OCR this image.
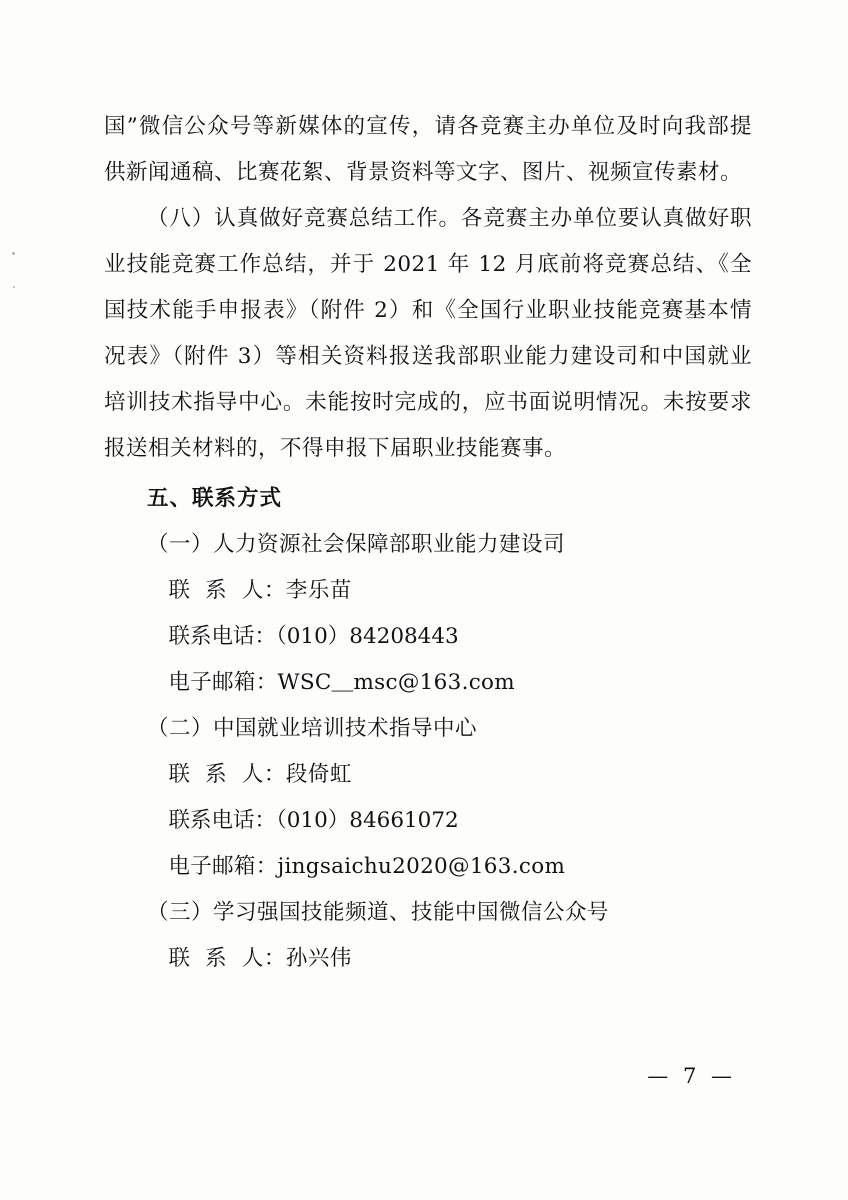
国”微信公众号等新媒体的宣传，请各竞赛主办单位及时向我部提供新闻通稿、比赛花絮、背景资料等文字、图片、视频宣传素材。

（八）认真做好竞赛总结工作。各竞赛主办单位要认真做好职业技能竞赛工作总结，并于 2021 年 12 月底前将竞赛总结、《全国技术能手申报表》（附件 2）和《全国行业职业技能竞赛基本情况表》（附件 3）等相关资料报送我部职业能力建设司和中国就业培训技术指导中心。未能按时完成的，应书面说明情况。未按要求报送相关材料的，不得申报下届职业技能赛事。

五、联系方式

（一）人力资源社会保障部职业能力建设司

联  系  人：李乐苗

联系电话：（010）84208443

电子邮箱：WSC＿msc@163.com

（二）中国就业培训技术指导中心

联  系  人：段倚虹

联系电话：（010）84661072

电子邮箱：jingsaichu2020@163.com

（三）学习强国技能频道、技能中国微信公众号

联  系  人：孙兴伟

— 7 —
